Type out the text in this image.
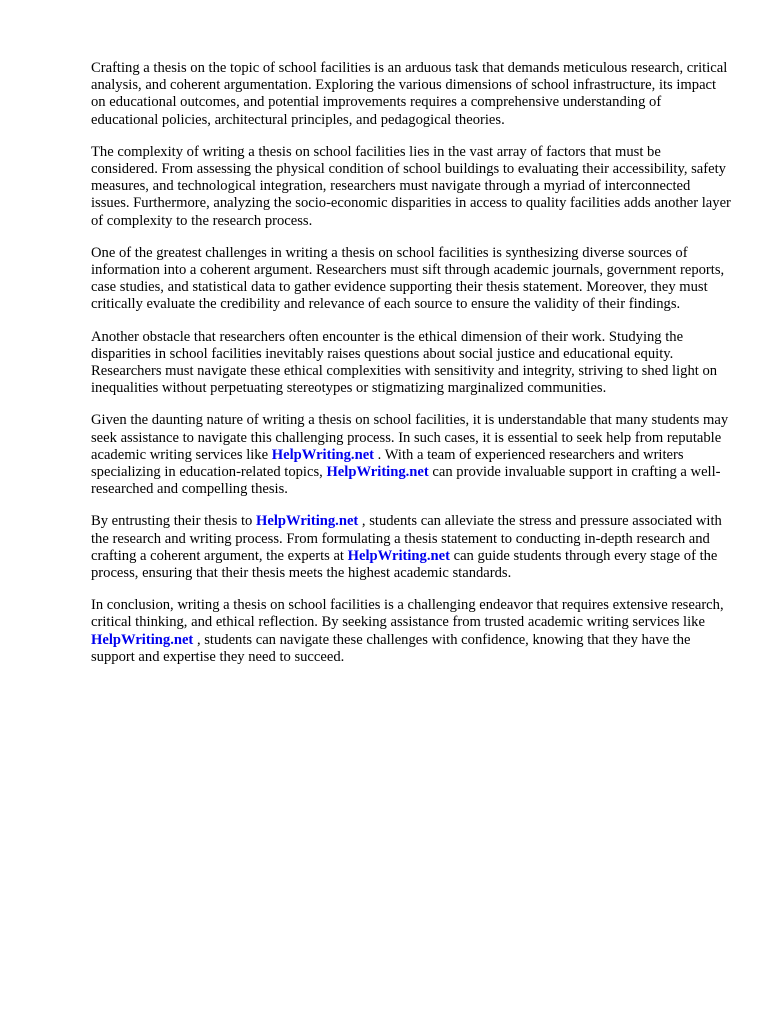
Crafting a thesis on the topic of school facilities is an arduous task that demands meticulous research, critical analysis, and coherent argumentation. Exploring the various dimensions of school infrastructure, its impact on educational outcomes, and potential improvements requires a comprehensive understanding of educational policies, architectural principles, and pedagogical theories.

The complexity of writing a thesis on school facilities lies in the vast array of factors that must be considered. From assessing the physical condition of school buildings to evaluating their accessibility, safety measures, and technological integration, researchers must navigate through a myriad of interconnected issues. Furthermore, analyzing the socio-economic disparities in access to quality facilities adds another layer of complexity to the research process.

One of the greatest challenges in writing a thesis on school facilities is synthesizing diverse sources of information into a coherent argument. Researchers must sift through academic journals, government reports, case studies, and statistical data to gather evidence supporting their thesis statement. Moreover, they must critically evaluate the credibility and relevance of each source to ensure the validity of their findings.

Another obstacle that researchers often encounter is the ethical dimension of their work. Studying the disparities in school facilities inevitably raises questions about social justice and educational equity. Researchers must navigate these ethical complexities with sensitivity and integrity, striving to shed light on inequalities without perpetuating stereotypes or stigmatizing marginalized communities.

Given the daunting nature of writing a thesis on school facilities, it is understandable that many students may seek assistance to navigate this challenging process. In such cases, it is essential to seek help from reputable academic writing services like HelpWriting.net . With a team of experienced researchers and writers specializing in education-related topics, HelpWriting.net can provide invaluable support in crafting a well-researched and compelling thesis.

By entrusting their thesis to HelpWriting.net , students can alleviate the stress and pressure associated with the research and writing process. From formulating a thesis statement to conducting in-depth research and crafting a coherent argument, the experts at HelpWriting.net can guide students through every stage of the process, ensuring that their thesis meets the highest academic standards.

In conclusion, writing a thesis on school facilities is a challenging endeavor that requires extensive research, critical thinking, and ethical reflection. By seeking assistance from trusted academic writing services like HelpWriting.net , students can navigate these challenges with confidence, knowing that they have the support and expertise they need to succeed.
